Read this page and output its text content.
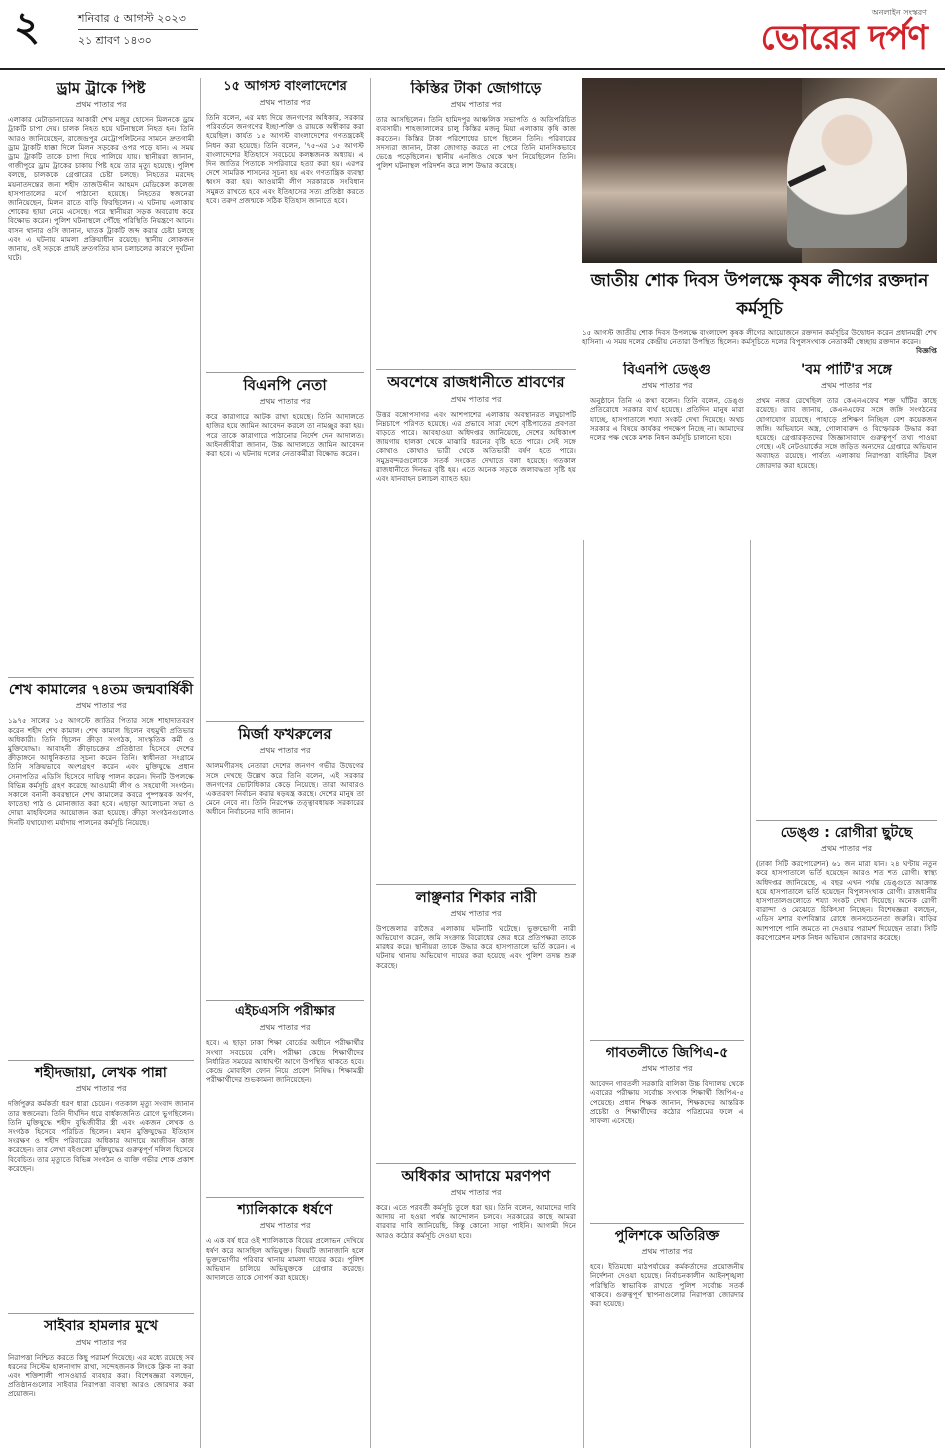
২	শনিবার ৫ আগস্ট ২০২৩
২১ শ্রাবণ ১৪৩০
অনলাইন সংস্করণ
ভোরের দর্পণ
ড্রাম ট্রাকে পিষ্ট
প্রথম পাতার পর

এলাকার মেটাডানাডের আকারী শেখ মজুর হোসেন মিলনকে ড্রাম ট্রাকটি চাপা দেয়। চালক নিহত হয়ে ঘটনাস্থলে নিহত হন। তিনি আরও জানিয়েছেন, রাজেন্দ্রপুর মেট্রোপলিটনের সামনে দ্রুতগামী ড্রাম ট্রাকটি ধাক্কা দিলে মিলন সড়কের ওপর পড়ে যান। এ সময় ড্রাম ট্রাকটি তাকে চাপা দিয়ে পালিয়ে যায়। স্থানীয়রা জানান, গাজীপুরে ড্রাম ট্রাকের চাকায় পিষ্ট হয়ে তার মৃত্যু হয়েছে। পুলিশ বলছে, চালককে গ্রেপ্তারের চেষ্টা চলছে। নিহতের মরদেহ ময়নাতদন্তের জন্য শহীদ তাজউদ্দীন আহমদ মেডিকেল কলেজ হাসপাতালের মর্গে পাঠানো হয়েছে। নিহতের স্বজনেরা জানিয়েছেন, মিলন রাতে বাড়ি ফিরছিলেন। এ ঘটনায় এলাকায় শোকের ছায়া নেমে এসেছে। পরে স্থানীয়রা সড়ক অবরোধ করে বিক্ষোভ করেন। পুলিশ ঘটনাস্থলে পৌঁছে পরিস্থিতি নিয়ন্ত্রণে আনে। বাসন থানার ওসি জানান, ঘাতক ট্রাকটি জব্দ করার চেষ্টা চলছে এবং এ ঘটনায় মামলা প্রক্রিয়াধীন রয়েছে। স্থানীয় লোকজন জানায়, ওই সড়কে প্রায়ই দ্রুতগতির যান চলাচলের কারণে দুর্ঘটনা ঘটে।

শেখ কামালের ৭৪তম জন্মবার্ষিকী
প্রথম পাতার পর

১৯৭৫ সালের ১৫ আগস্টে জাতির পিতার সঙ্গে শাহাদাতবরণ করেন শহীদ শেখ কামাল। শেখ কামাল ছিলেন বহুমুখী প্রতিভার অধিকারী। তিনি ছিলেন ক্রীড়া সংগঠক, সাংস্কৃতিক কর্মী ও মুক্তিযোদ্ধা। আবাহনী ক্রীড়াচক্রের প্রতিষ্ঠাতা হিসেবে দেশের ক্রীড়াঙ্গনে আধুনিকতার সূচনা করেন তিনি। স্বাধীনতা সংগ্রামে তিনি সক্রিয়ভাবে অংশগ্রহণ করেন এবং মুক্তিযুদ্ধে প্রধান সেনাপতির এডিসি হিসেবে দায়িত্ব পালন করেন। দিনটি উপলক্ষে বিভিন্ন কর্মসূচি গ্রহণ করেছে আওয়ামী লীগ ও সহযোগী সংগঠন। সকালে বনানী কবরস্থানে শেখ কামালের কবরে পুষ্পস্তবক অর্পণ, ফাতেহা পাঠ ও মোনাজাত করা হবে। এছাড়া আলোচনা সভা ও দোয়া মাহফিলের আয়োজন করা হয়েছে। ক্রীড়া সংগঠনগুলোও দিনটি যথাযোগ্য মর্যাদায় পালনের কর্মসূচি নিয়েছে।

শহীদজায়া, লেখক পান্না
প্রথম পাতার পর

দর্জিপুরুর কর্মকর্তা ধরণ ধারা চেয়েন। গতকাল মৃত্যু সংবাদ জানান তার স্বজনেরা। তিনি দীর্ঘদিন ধরে বার্ধক্যজনিত রোগে ভুগছিলেন। তিনি মুক্তিযুদ্ধে শহীদ বুদ্ধিজীবীর স্ত্রী এবং একজন লেখক ও সংগঠক হিসেবে পরিচিত ছিলেন। মহান মুক্তিযুদ্ধের ইতিহাস সংরক্ষণ ও শহীদ পরিবারের অধিকার আদায়ে আজীবন কাজ করেছেন। তার লেখা বইগুলো মুক্তিযুদ্ধের গুরুত্বপূর্ণ দলিল হিসেবে বিবেচিত। তার মৃত্যুতে বিভিন্ন সংগঠন ও ব্যক্তি গভীর শোক প্রকাশ করেছেন।

সাইবার হামলার মুখে
প্রথম পাতার পর

নিরাপত্তা নিশ্চিত করতে কিছু পরামর্শ দিয়েছে। এর মধ্যে রয়েছে সব ধরনের সিস্টেম হালনাগাদ রাখা, সন্দেহজনক লিংকে ক্লিক না করা এবং শক্তিশালী পাসওয়ার্ড ব্যবহার করা। বিশেষজ্ঞরা বলছেন, প্রতিষ্ঠানগুলোর সাইবার নিরাপত্তা ব্যবস্থা আরও জোরদার করা প্রয়োজন।

১৫ আগস্ট বাংলাদেশের
প্রথম পাতার পর

তিনি বলেন, এর মধ্য দিয়ে জনগণের অধিকার, সরকার পরিবর্তনে জনগণের ইচ্ছা-শক্তি ও রায়কে অস্বীকার করা হয়েছিল। কার্যত ১৫ আগস্ট বাংলাদেশের গণতন্ত্রকেই নিধন করা হয়েছে। তিনি বলেন, '৭৫-এর ১৫ আগস্ট বাংলাদেশের ইতিহাসে সবচেয়ে কলঙ্কজনক অধ্যায়। এ দিন জাতির পিতাকে সপরিবারে হত্যা করা হয়। এরপর দেশে সামরিক শাসনের সূচনা হয় এবং গণতান্ত্রিক ব্যবস্থা ধ্বংস করা হয়। আওয়ামী লীগ সরকারকে সংবিধান সমুন্নত রাখতে হবে এবং ইতিহাসের সত্য প্রতিষ্ঠা করতে হবে। তরুণ প্রজন্মকে সঠিক ইতিহাস জানাতে হবে।

বিএনপি নেতা
প্রথম পাতার পর

করে কারাগারে আটক রাখা হয়েছে। তিনি আদালতে হাজির হয়ে জামিন আবেদন করলে তা নামঞ্জুর করা হয়। পরে তাকে কারাগারে পাঠানোর নির্দেশ দেন আদালত। আইনজীবীরা জানান, উচ্চ আদালতে জামিন আবেদন করা হবে। এ ঘটনায় দলের নেতাকর্মীরা বিক্ষোভ করেন।

মির্জা ফখরুলের
প্রথম পাতার পর

আলমগীরসহ নেতারা দেশের জনগণ গভীর উদ্বেগের সঙ্গে দেখছে উল্লেখ করে তিনি বলেন, এই সরকার জনগণের ভোটাধিকার কেড়ে নিয়েছে। তারা আবারও একতরফা নির্বাচন করার ষড়যন্ত্র করছে। দেশের মানুষ তা মেনে নেবে না। তিনি নিরপেক্ষ তত্ত্বাবধায়ক সরকারের অধীনে নির্বাচনের দাবি জানান।

এইচএসসি পরীক্ষার
প্রথম পাতার পর

হবে। এ ছাড়া ঢাকা শিক্ষা বোর্ডের অধীনে পরীক্ষার্থীর সংখ্যা সবচেয়ে বেশি। পরীক্ষা কেন্দ্রে শিক্ষার্থীদের নির্ধারিত সময়ের আধাঘণ্টা আগে উপস্থিত থাকতে হবে। কেন্দ্রে মোবাইল ফোন নিয়ে প্রবেশ নিষিদ্ধ। শিক্ষামন্ত্রী পরীক্ষার্থীদের শুভকামনা জানিয়েছেন।

শ্যালিকাকে ধর্ষণে
প্রথম পাতার পর

এ এক বর্ষ ধরে ওই শ্যালিকাকে বিয়ের প্রলোভন দেখিয়ে ধর্ষণ করে আসছিল অভিযুক্ত। বিষয়টি জানাজানি হলে ভুক্তভোগীর পরিবার থানায় মামলা দায়ের করে। পুলিশ অভিযান চালিয়ে অভিযুক্তকে গ্রেপ্তার করেছে। আদালতে তাকে সোপর্দ করা হয়েছে।

কিস্তির টাকা জোগাড়ে
প্রথম পাতার পর

তার আসছিলেন। তিনি হামিদপুর আঞ্চলিক সভাপতি ও অতিপরিচিত ব্যবসায়ী। শাহজালালের চালু কিস্তির মজনু মিয়া এলাকায় কৃষি কাজ করতেন। কিস্তির টাকা পরিশোধের চাপে ছিলেন তিনি। পরিবারের সদস্যরা জানান, টাকা জোগাড় করতে না পেরে তিনি মানসিকভাবে ভেঙে পড়েছিলেন। স্থানীয় এনজিও থেকে ঋণ নিয়েছিলেন তিনি। পুলিশ ঘটনাস্থল পরিদর্শন করে লাশ উদ্ধার করেছে।

অবশেষে রাজধানীতে শ্রাবণের
প্রথম পাতার পর

উত্তর বঙ্গোপসাগর এবং আশপাশের এলাকায় অবস্থানরত লঘুচাপটি নিম্নচাপে পরিণত হয়েছে। এর প্রভাবে সারা দেশে বৃষ্টিপাতের প্রবণতা বাড়তে পারে। আবহাওয়া অধিদপ্তর জানিয়েছে, দেশের অধিকাংশ জায়গায় হালকা থেকে মাঝারি ধরনের বৃষ্টি হতে পারে। সেই সঙ্গে কোথাও কোথাও ভারী থেকে অতিভারী বর্ষণ হতে পারে। সমুদ্রবন্দরগুলোকে সতর্ক সংকেত দেখাতে বলা হয়েছে। গতকাল রাজধানীতে দিনভর বৃষ্টি হয়। এতে অনেক সড়কে জলাবদ্ধতা সৃষ্টি হয় এবং যানবাহন চলাচল ব্যাহত হয়।

লাঞ্ছনার শিকার নারী
প্রথম পাতার পর

উপজেলার রাজৈর এলাকায় ঘটনাটি ঘটেছে। ভুক্তভোগী নারী অভিযোগ করেন, জমি সংক্রান্ত বিরোধের জের ধরে প্রতিপক্ষরা তাকে মারধর করে। স্থানীয়রা তাকে উদ্ধার করে হাসপাতালে ভর্তি করেন। এ ঘটনায় থানায় অভিযোগ দায়ের করা হয়েছে এবং পুলিশ তদন্ত শুরু করেছে।

অধিকার আদায়ে মরণপণ
প্রথম পাতার পর

করে। এতে পরবর্তী কর্মসূচি তুলে ধরা হয়। তিনি বলেন, আমাদের দাবি আদায় না হওয়া পর্যন্ত আন্দোলন চলবে। সরকারের কাছে আমরা বারবার দাবি জানিয়েছি, কিন্তু কোনো সাড়া পাইনি। আগামী দিনে আরও কঠোর কর্মসূচি দেওয়া হবে।

জাতীয় শোক দিবস উপলক্ষে কৃষক লীগের রক্তদান কর্মসূচি

১৫ আগস্ট জাতীয় শোক দিবস উপলক্ষে বাংলাদেশ কৃষক লীগের আয়োজনে রক্তদান কর্মসূচির উদ্বোধন করেন প্রধানমন্ত্রী শেখ হাসিনা। এ সময় দলের কেন্দ্রীয় নেতারা উপস্থিত ছিলেন। কর্মসূচিতে দলের বিপুলসংখ্যক নেতাকর্মী স্বেচ্ছায় রক্তদান করেন।

বিজ্ঞপ্তি

বিএনপি ডেঙ্গু
প্রথম পাতার পর

অনুষ্ঠানে তিনি এ কথা বলেন। তিনি বলেন, ডেঙ্গু প্রতিরোধে সরকার ব্যর্থ হয়েছে। প্রতিদিন মানুষ মারা যাচ্ছে, হাসপাতালে শয্যা সংকট দেখা দিয়েছে। অথচ সরকার এ বিষয়ে কার্যকর পদক্ষেপ নিচ্ছে না। আমাদের দলের পক্ষ থেকে মশক নিধন কর্মসূচি চালানো হবে।

গাবতলীতে জিপিএ-৫
প্রথম পাতার পর

আবেদন গাবতলী সরকারি বালিকা উচ্চ বিদ্যালয় থেকে এবারের পরীক্ষায় সর্বোচ্চ সংখ্যক শিক্ষার্থী জিপিএ-৫ পেয়েছে। প্রধান শিক্ষক জানান, শিক্ষকদের আন্তরিক প্রচেষ্টা ও শিক্ষার্থীদের কঠোর পরিশ্রমের ফলে এ সাফল্য এসেছে।

পুলিশকে অতিরিক্ত
প্রথম পাতার পর

হবে। ইতিমধ্যে মাঠপর্যায়ের কর্মকর্তাদের প্রয়োজনীয় নির্দেশনা দেওয়া হয়েছে। নির্বাচনকালীন আইনশৃঙ্খলা পরিস্থিতি স্বাভাবিক রাখতে পুলিশ সর্বোচ্চ সতর্ক থাকবে। গুরুত্বপূর্ণ স্থাপনাগুলোর নিরাপত্তা জোরদার করা হয়েছে।

'বম পার্টি'র সঙ্গে
প্রথম পাতার পর

প্রথম নজর রেখেছিল তার কেএনএফের শক্ত ঘাঁটির কাছে রয়েছে। র‍্যাব জানায়, কেএনএফের সঙ্গে জঙ্গি সংগঠনের যোগাযোগ রয়েছে। পাহাড়ে প্রশিক্ষণ নিচ্ছিল বেশ কয়েকজন জঙ্গি। অভিযানে অস্ত্র, গোলাবারুদ ও বিস্ফোরক উদ্ধার করা হয়েছে। গ্রেপ্তারকৃতদের জিজ্ঞাসাবাদে গুরুত্বপূর্ণ তথ্য পাওয়া গেছে। এই নেটওয়ার্কের সঙ্গে জড়িত অন্যদের গ্রেপ্তারে অভিযান অব্যাহত রয়েছে। পার্বত্য এলাকায় নিরাপত্তা বাহিনীর টহল জোরদার করা হয়েছে।

ডেঙ্গু : রোগীরা ছুটছে
প্রথম পাতার পর

(ঢাকা সিটি করপোরেশন) ৬১ জন মারা যান। ২৪ ঘণ্টায় নতুন করে হাসপাতালে ভর্তি হয়েছেন আরও শত শত রোগী। স্বাস্থ্য অধিদপ্তর জানিয়েছে, এ বছর এখন পর্যন্ত ডেঙ্গুতে আক্রান্ত হয়ে হাসপাতালে ভর্তি হয়েছেন বিপুলসংখ্যক রোগী। রাজধানীর হাসপাতালগুলোতে শয্যা সংকট দেখা দিয়েছে। অনেক রোগী বারান্দা ও মেঝেতে চিকিৎসা নিচ্ছেন। বিশেষজ্ঞরা বলছেন, এডিস মশার বংশবিস্তার রোধে জনসচেতনতা জরুরি। বাড়ির আশপাশে পানি জমতে না দেওয়ার পরামর্শ দিয়েছেন তারা। সিটি করপোরেশন মশক নিধন অভিযান জোরদার করেছে।
